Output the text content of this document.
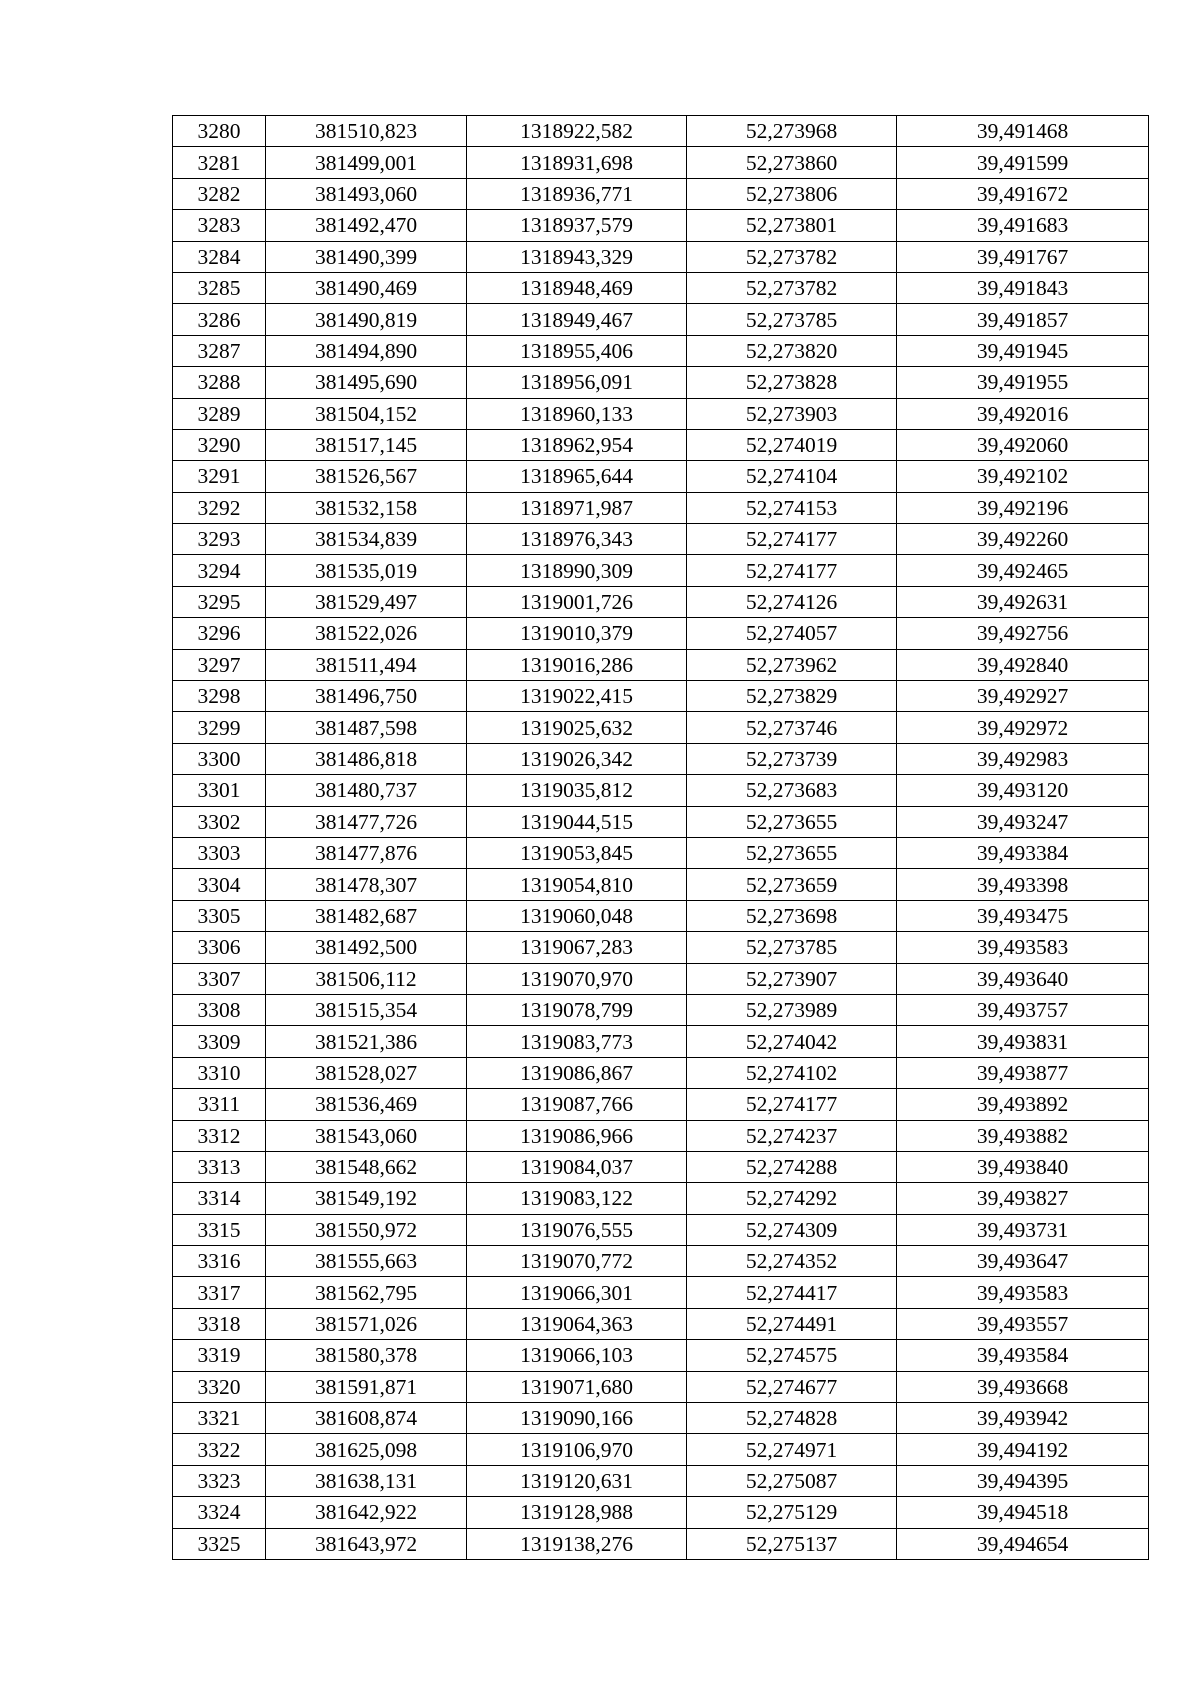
3280	381510,823	1318922,582	52,273968	39,491468
3281	381499,001	1318931,698	52,273860	39,491599
3282	381493,060	1318936,771	52,273806	39,491672
3283	381492,470	1318937,579	52,273801	39,491683
3284	381490,399	1318943,329	52,273782	39,491767
3285	381490,469	1318948,469	52,273782	39,491843
3286	381490,819	1318949,467	52,273785	39,491857
3287	381494,890	1318955,406	52,273820	39,491945
3288	381495,690	1318956,091	52,273828	39,491955
3289	381504,152	1318960,133	52,273903	39,492016
3290	381517,145	1318962,954	52,274019	39,492060
3291	381526,567	1318965,644	52,274104	39,492102
3292	381532,158	1318971,987	52,274153	39,492196
3293	381534,839	1318976,343	52,274177	39,492260
3294	381535,019	1318990,309	52,274177	39,492465
3295	381529,497	1319001,726	52,274126	39,492631
3296	381522,026	1319010,379	52,274057	39,492756
3297	381511,494	1319016,286	52,273962	39,492840
3298	381496,750	1319022,415	52,273829	39,492927
3299	381487,598	1319025,632	52,273746	39,492972
3300	381486,818	1319026,342	52,273739	39,492983
3301	381480,737	1319035,812	52,273683	39,493120
3302	381477,726	1319044,515	52,273655	39,493247
3303	381477,876	1319053,845	52,273655	39,493384
3304	381478,307	1319054,810	52,273659	39,493398
3305	381482,687	1319060,048	52,273698	39,493475
3306	381492,500	1319067,283	52,273785	39,493583
3307	381506,112	1319070,970	52,273907	39,493640
3308	381515,354	1319078,799	52,273989	39,493757
3309	381521,386	1319083,773	52,274042	39,493831
3310	381528,027	1319086,867	52,274102	39,493877
3311	381536,469	1319087,766	52,274177	39,493892
3312	381543,060	1319086,966	52,274237	39,493882
3313	381548,662	1319084,037	52,274288	39,493840
3314	381549,192	1319083,122	52,274292	39,493827
3315	381550,972	1319076,555	52,274309	39,493731
3316	381555,663	1319070,772	52,274352	39,493647
3317	381562,795	1319066,301	52,274417	39,493583
3318	381571,026	1319064,363	52,274491	39,493557
3319	381580,378	1319066,103	52,274575	39,493584
3320	381591,871	1319071,680	52,274677	39,493668
3321	381608,874	1319090,166	52,274828	39,493942
3322	381625,098	1319106,970	52,274971	39,494192
3323	381638,131	1319120,631	52,275087	39,494395
3324	381642,922	1319128,988	52,275129	39,494518
3325	381643,972	1319138,276	52,275137	39,494654
